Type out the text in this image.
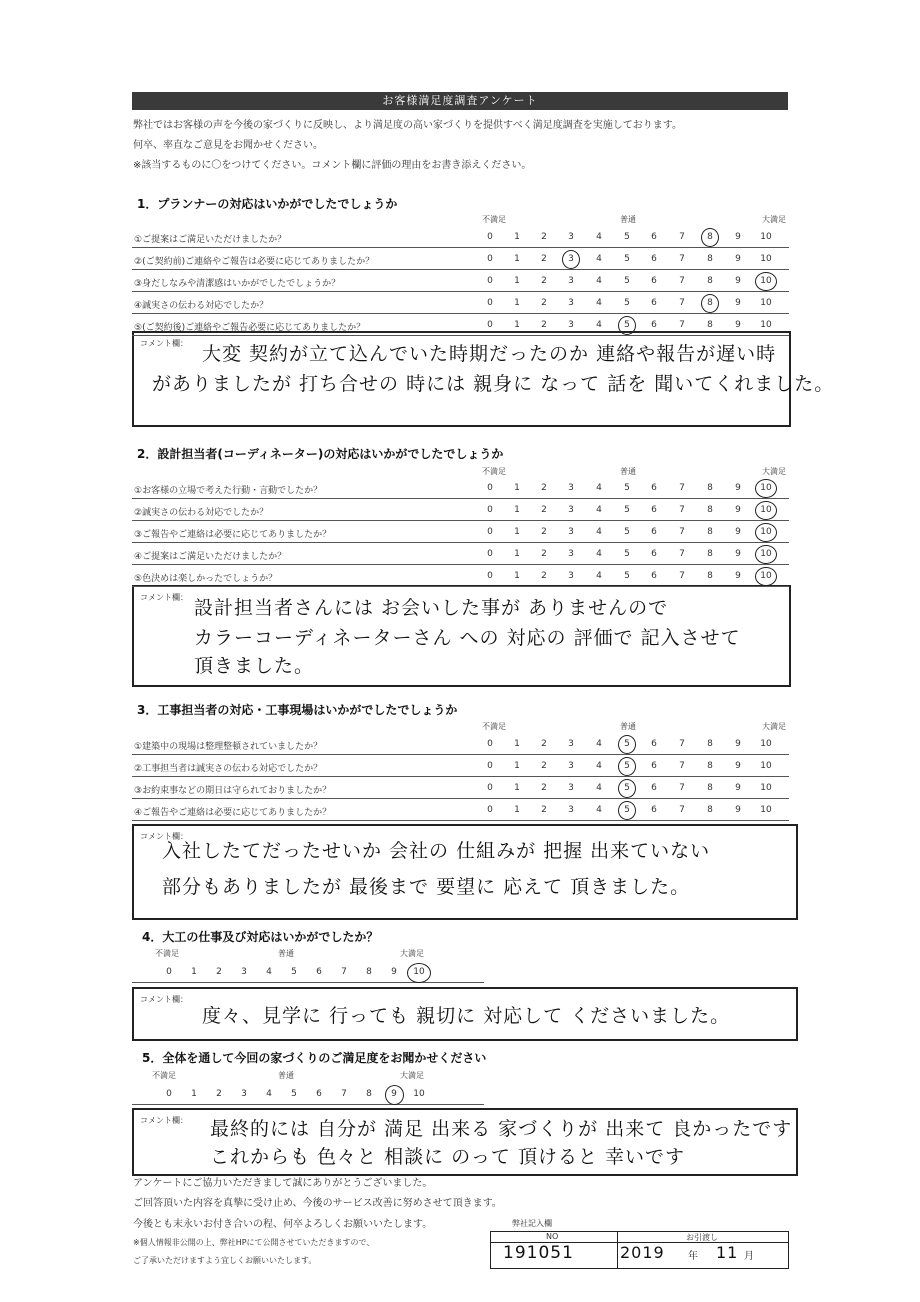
お客様満足度調査アンケート
弊社ではお客様の声を今後の家づくりに反映し、より満足度の高い家づくりを提供すべく満足度調査を実施しております。
何卒、率直なご意見をお聞かせください。
※該当するものに〇をつけてください。コメント欄に評価の理由をお書き添えください。
1．プランナーの対応はいかがでしたでしょうか
不満足	普通	大満足
コメント欄： 大変 契約が立て込んでいた時期だったのか 連絡や報告が遅い時
がありましたが 打ち合せの 時には 親身に なって 話を 聞いてくれました。
2．設計担当者(コーディネーター)の対応はいかがでしたでしょうか
不満足	普通	大満足
コメント欄： 設計担当者さんには お会いした事が ありませんので
カラーコーディネーターさん への 対応の 評価で 記入させて
頂きました。
3．工事担当者の対応・工事現場はいかがでしたでしょうか
不満足	普通	大満足
コメント欄：
入社したてだったせいか 会社の 仕組みが 把握 出来ていない
部分もありましたが 最後まで 要望に 応えて 頂きました。
4．大工の仕事及び対応はいかがでしたか？
不満足	普通	大満足
コメント欄：
度々、見学に 行っても 親切に 対応して くださいました。
5．全体を通して今回の家づくりのご満足度をお聞かせください
不満足	普通	大満足
コメント欄： 最終的には 自分が 満足 出来る 家づくりが 出来て 良かったです
これからも 色々と 相談に のって 頂けると 幸いです
アンケートにご協力いただきまして誠にありがとうございました。
ご回答頂いた内容を真摯に受け止め、今後のサービス改善に努めさせて頂きます。
今後とも末永いお付き合いの程、何卒よろしくお願いいたします。
※個人情報非公開の上、弊社HPにて公開させていただきますので、
ご了承いただけますよう宜しくお願いいたします。
弊社記入欄
NO
191051
お引渡し
2019 年 11 月
①ご提案はご満足いただけましたか？	0	1	2	3	4	5	6	7	8	9	10
②(ご契約前)ご連絡やご報告は必要に応じてありましたか？	0	1	2	3	4	5	6	7	8	9	10
③身だしなみや清潔感はいかがでしたでしょうか？	0	1	2	3	4	5	6	7	8	9	10
④誠実さの伝わる対応でしたか？	0	1	2	3	4	5	6	7	8	9	10
⑤(ご契約後)ご連絡やご報告必要に応じてありましたか？	0	1	2	3	4	5	6	7	8	9	10
①お客様の立場で考えた行動・言動でしたか？	0	1	2	3	4	5	6	7	8	9	10
②誠実さの伝わる対応でしたか？	0	1	2	3	4	5	6	7	8	9	10
③ご報告やご連絡は必要に応じてありましたか？	0	1	2	3	4	5	6	7	8	9	10
④ご提案はご満足いただけましたか？	0	1	2	3	4	5	6	7	8	9	10
⑤色決めは楽しかったでしょうか？	0	1	2	3	4	5	6	7	8	9	10
①建築中の現場は整理整頓されていましたか？	0	1	2	3	4	5	6	7	8	9	10
②工事担当者は誠実さの伝わる対応でしたか？	0	1	2	3	4	5	6	7	8	9	10
③お約束事などの期日は守られておりましたか？	0	1	2	3	4	5	6	7	8	9	10
④ご報告やご連絡は必要に応じてありましたか？	0	1	2	3	4	5	6	7	8	9	10
0	1	2	3	4	5	6	7	8	9	10
0	1	2	3	4	5	6	7	8	9	10
